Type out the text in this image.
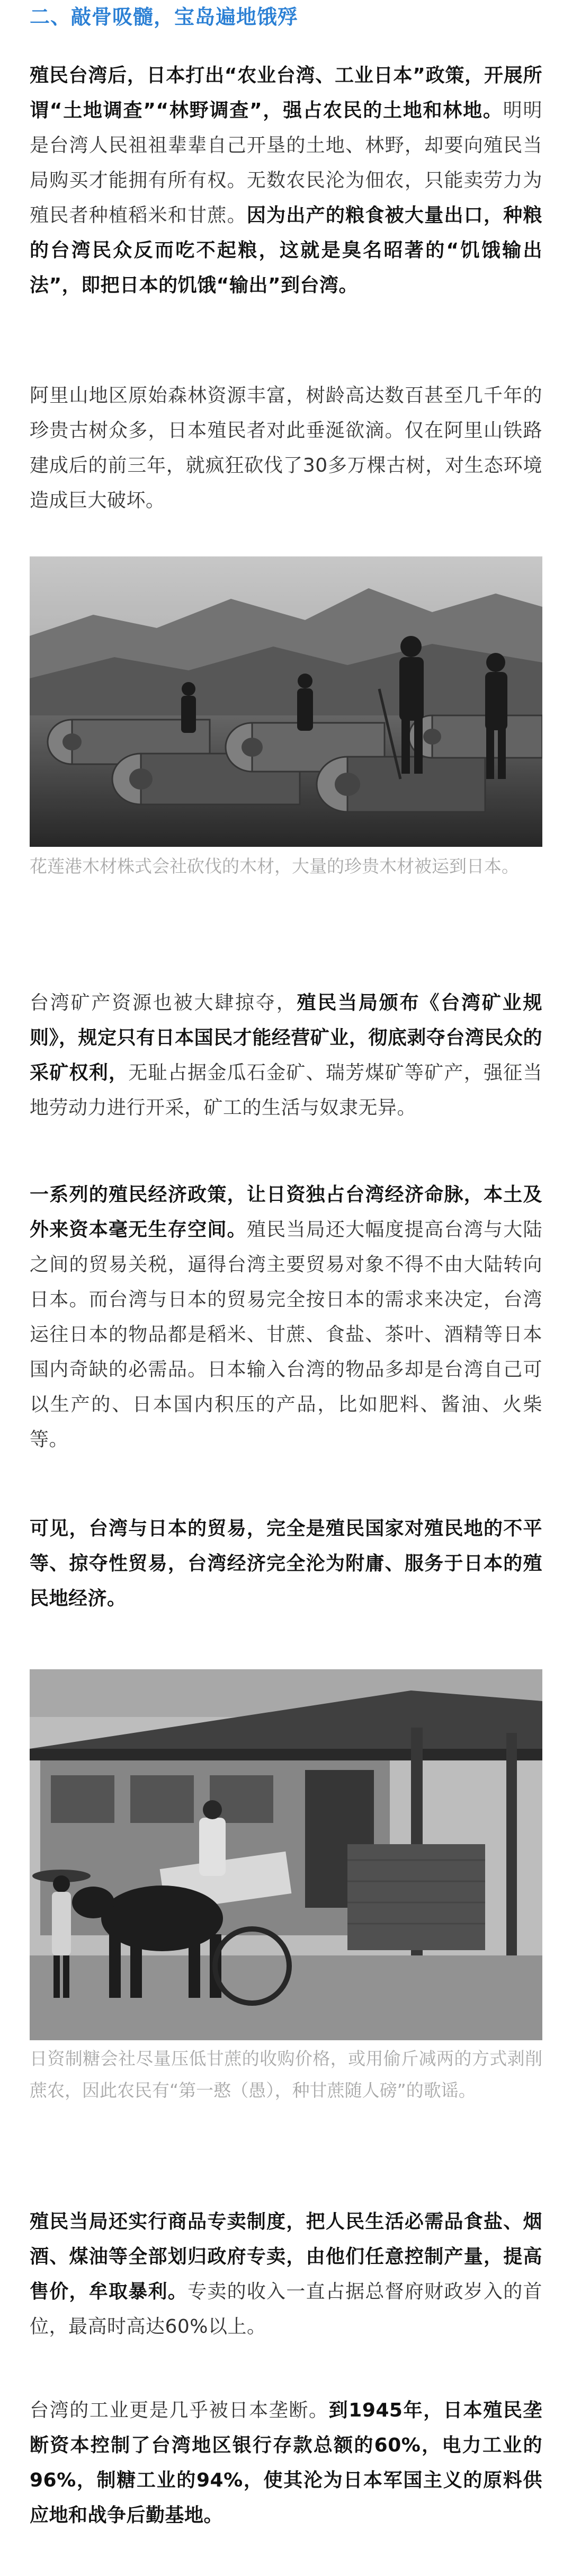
二、敲骨吸髓，宝岛遍地饿殍

殖民台湾后，日本打出“农业台湾、工业日本”政策，开展所谓“土地调查”“林野调查”，强占农民的土地和林地。明明是台湾人民祖祖辈辈自己开垦的土地、林野，却要向殖民当局购买才能拥有所有权。无数农民沦为佃农，只能卖劳力为殖民者种植稻米和甘蔗。因为出产的粮食被大量出口，种粮的台湾民众反而吃不起粮，这就是臭名昭著的“饥饿输出法”，即把日本的饥饿“输出”到台湾。

阿里山地区原始森林资源丰富，树龄高达数百甚至几千年的珍贵古树众多，日本殖民者对此垂涎欲滴。仅在阿里山铁路建成后的前三年，就疯狂砍伐了30多万棵古树，对生态环境造成巨大破坏。

花莲港木材株式会社砍伐的木材，大量的珍贵木材被运到日本。

台湾矿产资源也被大肆掠夺，殖民当局颁布《台湾矿业规则》，规定只有日本国民才能经营矿业，彻底剥夺台湾民众的采矿权利，无耻占据金瓜石金矿、瑞芳煤矿等矿产，强征当地劳动力进行开采，矿工的生活与奴隶无异。

一系列的殖民经济政策，让日资独占台湾经济命脉，本土及外来资本毫无生存空间。殖民当局还大幅度提高台湾与大陆之间的贸易关税，逼得台湾主要贸易对象不得不由大陆转向日本。而台湾与日本的贸易完全按日本的需求来决定，台湾运往日本的物品都是稻米、甘蔗、食盐、茶叶、酒精等日本国内奇缺的必需品。日本输入台湾的物品多却是台湾自己可以生产的、日本国内积压的产品，比如肥料、酱油、火柴等。

可见，台湾与日本的贸易，完全是殖民国家对殖民地的不平等、掠夺性贸易，台湾经济完全沦为附庸、服务于日本的殖民地经济。

日资制糖会社尽量压低甘蔗的收购价格，或用偷斤减两的方式剥削蔗农，因此农民有“第一憨（愚），种甘蔗随人磅”的歌谣。

殖民当局还实行商品专卖制度，把人民生活必需品食盐、烟酒、煤油等全部划归政府专卖，由他们任意控制产量，提高售价，牟取暴利。专卖的收入一直占据总督府财政岁入的首位，最高时高达60%以上。

台湾的工业更是几乎被日本垄断。到1945年，日本殖民垄断资本控制了台湾地区银行存款总额的60%，电力工业的96%，制糖工业的94%，使其沦为日本军国主义的原料供应地和战争后勤基地。
